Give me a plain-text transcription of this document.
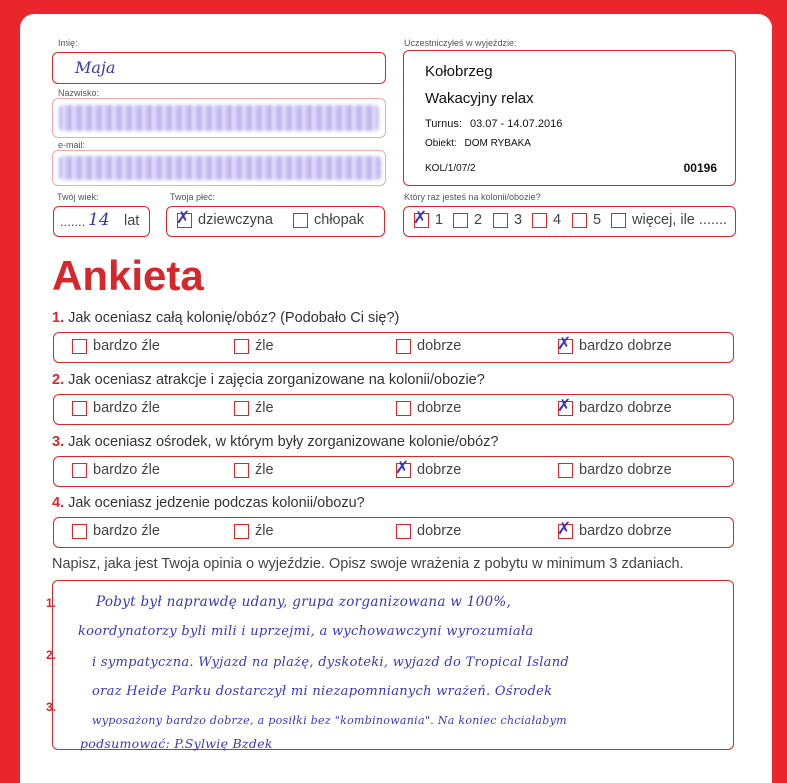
Imię:
Maja
Nazwisko:
e-mail:
Uczestniczyłeś w wyjeździe:
Kołobrzeg
Wakacyjny relax
Turnus: 03.07 - 14.07.2016
Obiekt: DOM RYBAKA
KOL/1/07/2	00196
Twój wiek:
....... 14 lat
Twoja płeć:
✗ dziewczyna	chłopak
Który raz jesteś na kolonii/obozie?
✗ 1 2 3 4 5 więcej, ile .......
Ankieta
1. Jak oceniasz całą kolonię/obóz? (Podobało Ci się?)
bardzo źle	źle	dobrze	✗ bardzo dobrze
2. Jak oceniasz atrakcje i zajęcia zorganizowane na kolonii/obozie?
bardzo źle	źle	dobrze	✗ bardzo dobrze
3. Jak oceniasz ośrodek, w którym były zorganizowane kolonie/obóz?
bardzo źle	źle	✗ dobrze	bardzo dobrze
4. Jak oceniasz jedzenie podczas kolonii/obozu?
bardzo źle	źle	dobrze	✗ bardzo dobrze
Napisz, jaka jest Twoja opinia o wyjeździe. Opisz swoje wrażenia z pobytu w minimum 3 zdaniach.
1.
2.
3.
Pobyt był naprawdę udany, grupa zorganizowana w 100%,
koordynatorzy byli mili i uprzejmi, a wychowawczyni wyrozumiała
i sympatyczna. Wyjazd na plażę, dyskoteki, wyjazd do Tropical Island
oraz Heide Parku dostarczył mi niezapomnianych wrażeń. Ośrodek
wyposażony bardzo dobrze, a posiłki bez "kombinowania". Na koniec chciałabym
podsumować: P.Sylwię Bzdek
